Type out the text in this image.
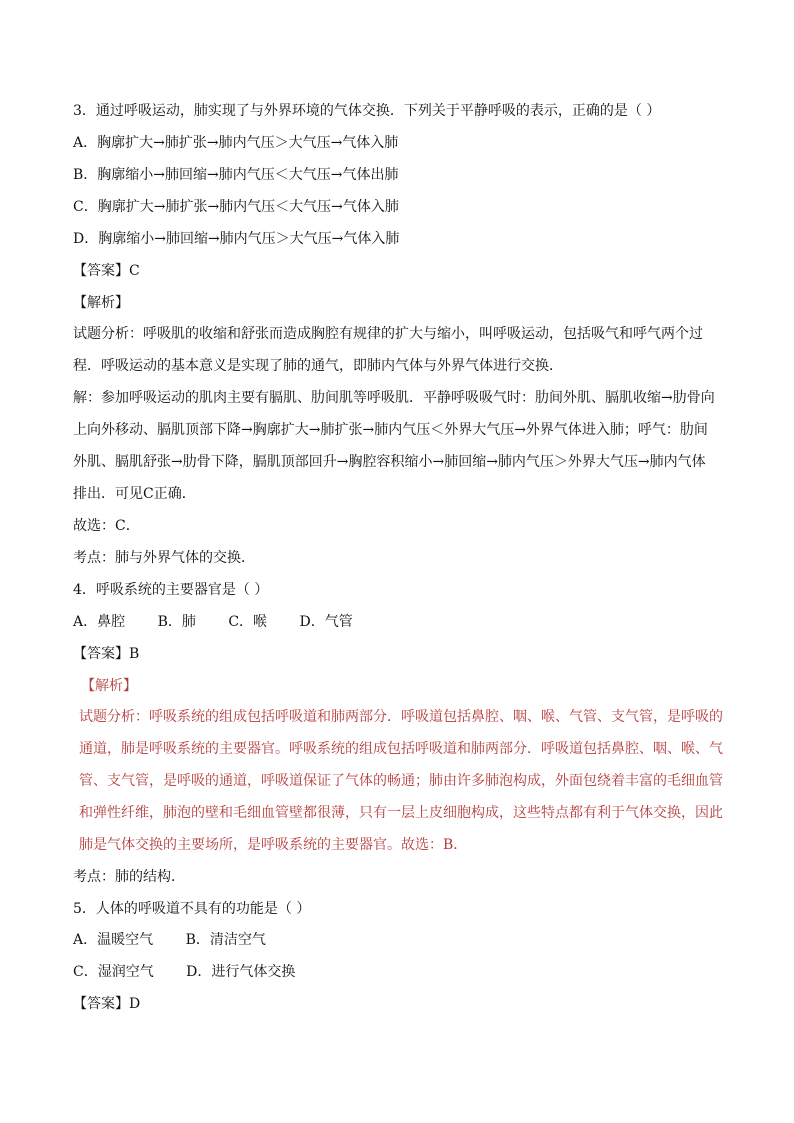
3．通过呼吸运动，肺实现了与外界环境的气体交换．下列关于平静呼吸的表示，正确的是（ ）
A．胸廓扩大→肺扩张→肺内气压＞大气压→气体入肺
B．胸廓缩小→肺回缩→肺内气压＜大气压→气体出肺
C．胸廓扩大→肺扩张→肺内气压＜大气压→气体入肺
D．胸廓缩小→肺回缩→肺内气压＞大气压→气体入肺
【答案】C
【解析】
试题分析：呼吸肌的收缩和舒张而造成胸腔有规律的扩大与缩小，叫呼吸运动，包括吸气和呼气两个过
程．呼吸运动的基本意义是实现了肺的通气，即肺内气体与外界气体进行交换．
解：参加呼吸运动的肌肉主要有膈肌、肋间肌等呼吸肌．平静呼吸吸气时：肋间外肌、膈肌收缩→肋骨向
上向外移动、膈肌顶部下降→胸廓扩大→肺扩张→肺内气压＜外界大气压→外界气体进入肺；呼气：肋间
外肌、膈肌舒张→肋骨下降，膈肌顶部回升→胸腔容积缩小→肺回缩→肺内气压＞外界大气压→肺内气体
排出．可见C正确．
故选：C．
考点：肺与外界气体的交换．
4．呼吸系统的主要器官是（ ）
A．鼻腔 B．肺 C．喉 D．气管
【答案】B
【解析】
试题分析：呼吸系统的组成包括呼吸道和肺两部分．呼吸道包括鼻腔、咽、喉、气管、支气管，是呼吸的
通道，肺是呼吸系统的主要器官。呼吸系统的组成包括呼吸道和肺两部分．呼吸道包括鼻腔、咽、喉、气
管、支气管，是呼吸的通道，呼吸道保证了气体的畅通；肺由许多肺泡构成，外面包绕着丰富的毛细血管
和弹性纤维，肺泡的壁和毛细血管壁都很薄，只有一层上皮细胞构成，这些特点都有利于气体交换，因此
肺是气体交换的主要场所，是呼吸系统的主要器官。故选：B．
考点：肺的结构．
5．人体的呼吸道不具有的功能是（ ）
A．温暖空气 B．清洁空气
C．湿润空气 D．进行气体交换
【答案】D
